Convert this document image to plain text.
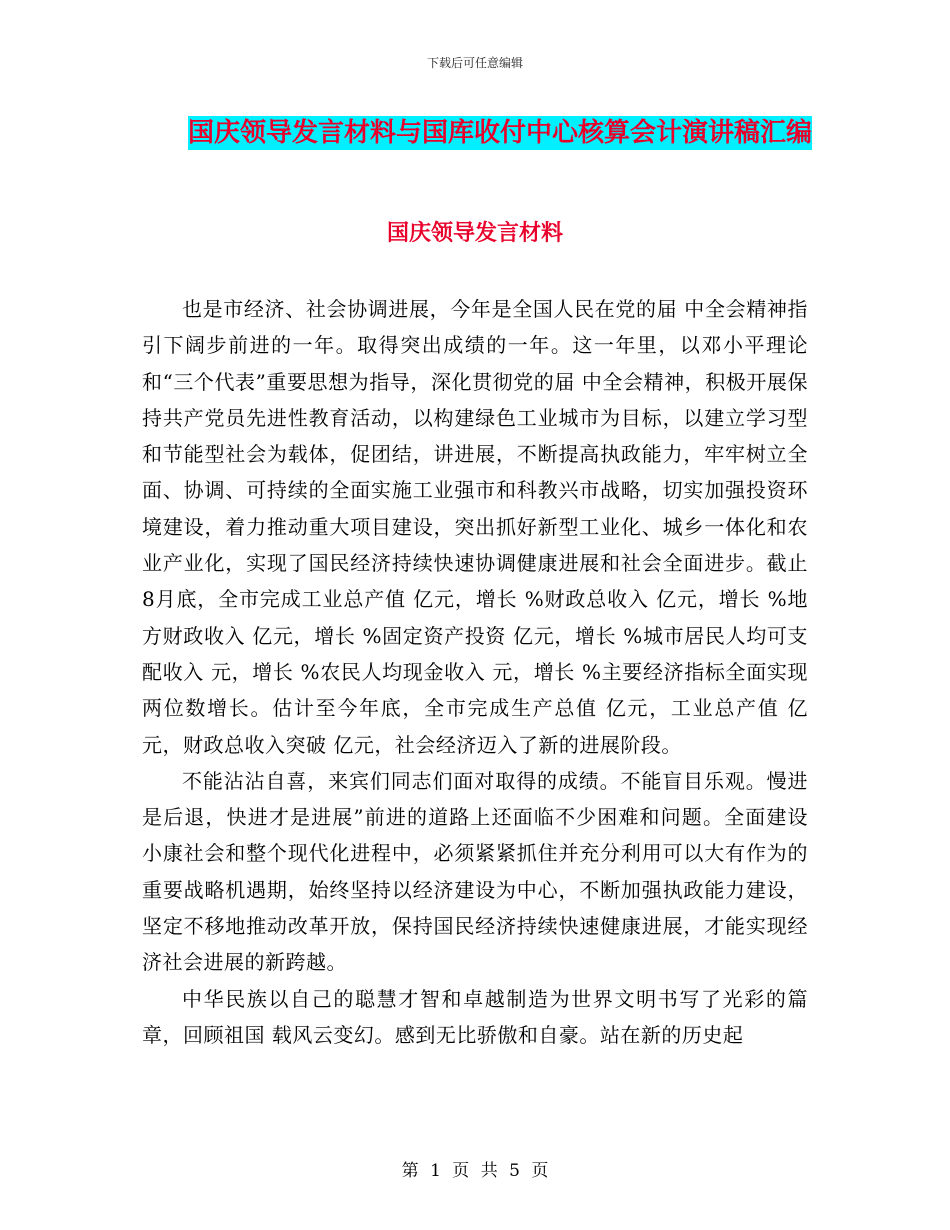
下载后可任意编辑
国庆领导发言材料与国库收付中心核算会计演讲稿汇编
国庆领导发言材料

也是市经济、社会协调进展，今年是全国人民在党的届 中全会精神指引下阔步前进的一年。取得突出成绩的一年。这一年里，以邓小平理论和“三个代表”重要思想为指导，深化贯彻党的届 中全会精神，积极开展保持共产党员先进性教育活动，以构建绿色工业城市为目标，以建立学习型和节能型社会为载体，促团结，讲进展，不断提高执政能力，牢牢树立全面、协调、可持续的全面实施工业强市和科教兴市战略，切实加强投资环境建设，着力推动重大项目建设，突出抓好新型工业化、城乡一体化和农业产业化，实现了国民经济持续快速协调健康进展和社会全面进步。截止8月底，全市完成工业总产值 亿元，增长 %财政总收入 亿元，增长 %地方财政收入 亿元，增长 %固定资产投资 亿元，增长 %城市居民人均可支配收入 元，增长 %农民人均现金收入 元，增长 %主要经济指标全面实现两位数增长。估计至今年底，全市完成生产总值 亿元，工业总产值 亿元，财政总收入突破 亿元，社会经济迈入了新的进展阶段。

不能沾沾自喜，来宾们同志们面对取得的成绩。不能盲目乐观。慢进是后退，快进才是进展”前进的道路上还面临不少困难和问题。全面建设小康社会和整个现代化进程中，必须紧紧抓住并充分利用可以大有作为的重要战略机遇期，始终坚持以经济建设为中心，不断加强执政能力建设，坚定不移地推动改革开放，保持国民经济持续快速健康进展，才能实现经济社会进展的新跨越。

中华民族以自己的聪慧才智和卓越制造为世界文明书写了光彩的篇章，回顾祖国 载风云变幻。感到无比骄傲和自豪。站在新的历史起

第 1 页 共 5 页
